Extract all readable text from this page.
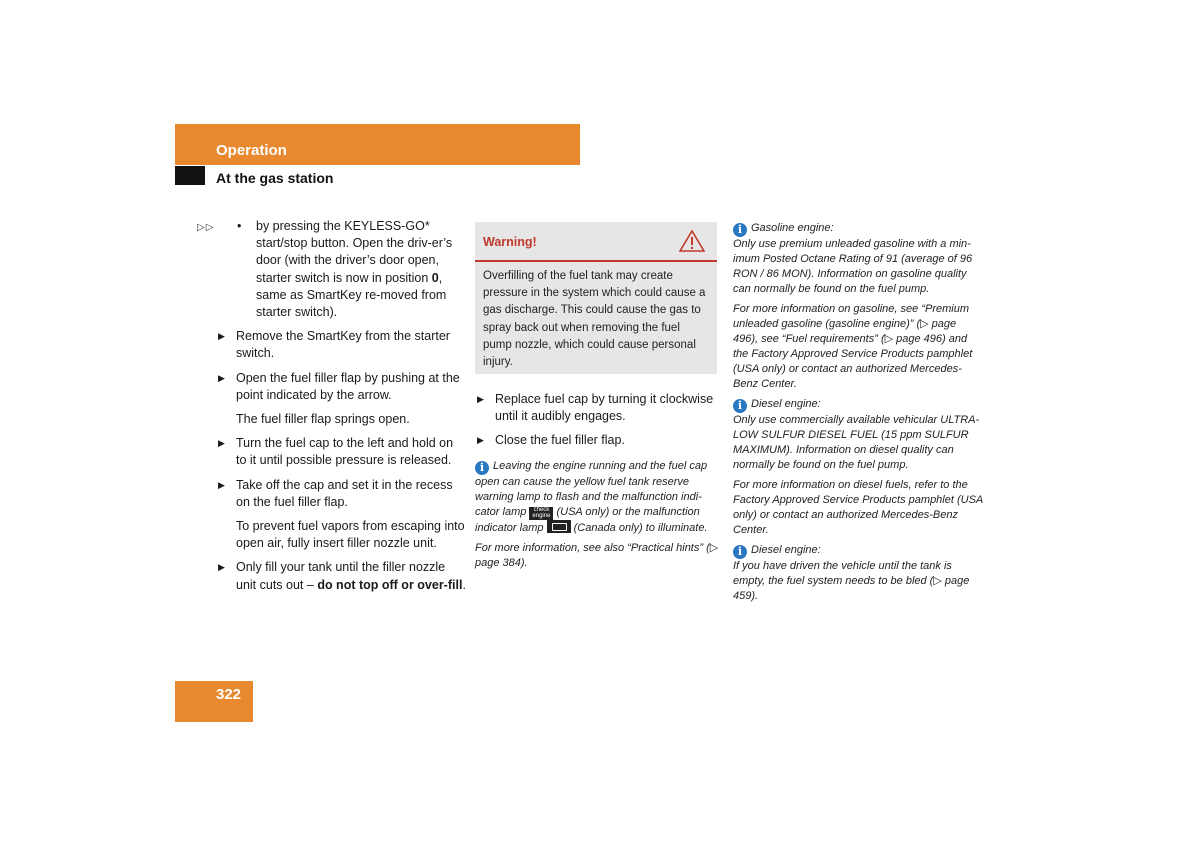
Operation
At the gas station
▷▷ • by pressing the KEYLESS-GO* start/stop button. Open the driv-er’s door (with the driver’s door open, starter switch is now in position 0, same as SmartKey re-moved from starter switch).

▶ Remove the SmartKey from the starter switch.

▶ Open the fuel filler flap by pushing at the point indicated by the arrow.

The fuel filler flap springs open.

▶ Turn the fuel cap to the left and hold on to it until possible pressure is released.

▶ Take off the cap and set it in the recess on the fuel filler flap.

To prevent fuel vapors from escaping into open air, fully insert filler nozzle unit.

▶ Only fill your tank until the filler nozzle unit cuts out – do not top off or over-fill.

Warning!
Overfilling of the fuel tank may create pressure in the system which could cause a gas discharge. This could cause the gas to spray back out when removing the fuel pump nozzle, which could cause personal injury.

▶ Replace fuel cap by turning it clockwise until it audibly engages.

▶ Close the fuel filler flap.

i Leaving the engine running and the fuel cap open can cause the yellow fuel tank reserve warning lamp to flash and the malfunction indi-cator lamp check engine (USA only) or the malfunction indicator lamp	(Canada only) to illuminate.

For more information, see also “Practical hints” (▷ page 384).

i Gasoline engine:

Only use premium unleaded gasoline with a min-imum Posted Octane Rating of 91 (average of 96 RON / 86 MON). Information on gasoline quality can normally be found on the fuel pump.

For more information on gasoline, see “Premium unleaded gasoline (gasoline engine)” (▷ page 496), see “Fuel requirements” (▷ page 496) and the Factory Approved Service Products pamphlet (USA only) or contact an authorized Mercedes-Benz Center.

i Diesel engine:

Only use commercially available vehicular ULTRA-LOW SULFUR DIESEL FUEL (15 ppm SULFUR MAXIMUM). Information on diesel quality can normally be found on the fuel pump.

For more information on diesel fuels, refer to the Factory Approved Service Products pamphlet (USA only) or contact an authorized Mercedes-Benz Center.

i Diesel engine:

If you have driven the vehicle until the tank is empty, the fuel system needs to be bled (▷ page 459).

322
